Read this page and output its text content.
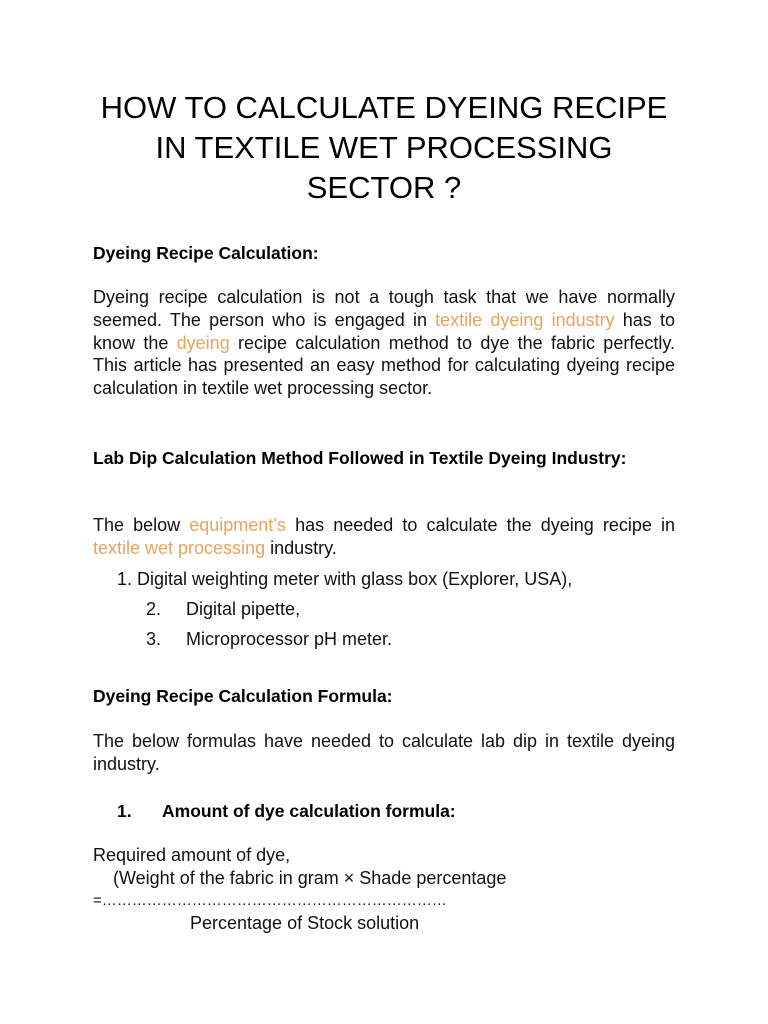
HOW TO CALCULATE DYEING RECIPE IN TEXTILE WET PROCESSING SECTOR ?

Dyeing Recipe Calculation:

Dyeing recipe calculation is not a tough task that we have normally seemed. The person who is engaged in textile dyeing industry has to know the dyeing recipe calculation method to dye the fabric perfectly. This article has presented an easy method for calculating dyeing recipe calculation in textile wet processing sector.

Lab Dip Calculation Method Followed in Textile Dyeing Industry:

The below equipment’s has needed to calculate the dyeing recipe in textile wet processing industry.

1. Digital weighting meter with glass box (Explorer, USA),

2. Digital pipette,

3. Microprocessor pH meter.

Dyeing Recipe Calculation Formula:

The below formulas have needed to calculate lab dip in textile dyeing industry.

1. Amount of dye calculation formula:

Required amount of dye,

(Weight of the fabric in gram × Shade percentage

=……………………………………………………………

Percentage of Stock solution
